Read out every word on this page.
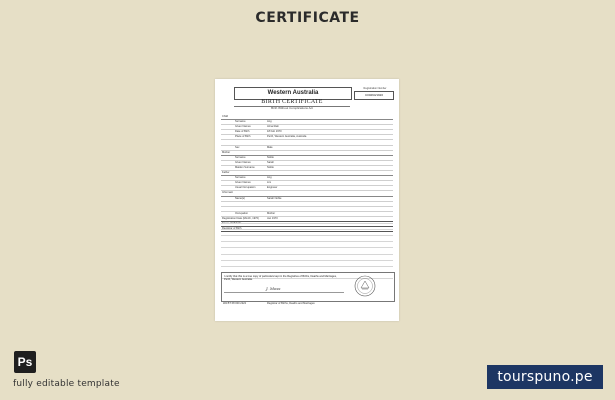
CERTIFICATE
Western Australia
Registration Number
C00294/1920
BIRTH CERTIFICATE
Birth Without Complications Act
Child
Surname	Ang
Given Names	Alma Rain
Date of Birth	18 Feb 1970
Place of Birth	Perth, Western Australia, Australia
Sex	Male
Mother
Surname	Noble
Given Names	Sarah
Maiden Surname	Noble
Father
Surname	Ang
Given Names	Lim
Usual Occupation	Engineer
Informant
Name(s)	Sarah Noble
Occupation	Mother
Registration Date (Month, 1970)	Jan 1970
Name of Midwife
Registrar of Birth
I certify that this is a true copy of particulars kept in the Registries of Births, Deaths and Marriages, Perth, Western Australia.
J. Moss
WA BT 68 000 2222	Registrar of Births, Deaths and Marriages
Ps
fully editable template	tourspuno.pe
